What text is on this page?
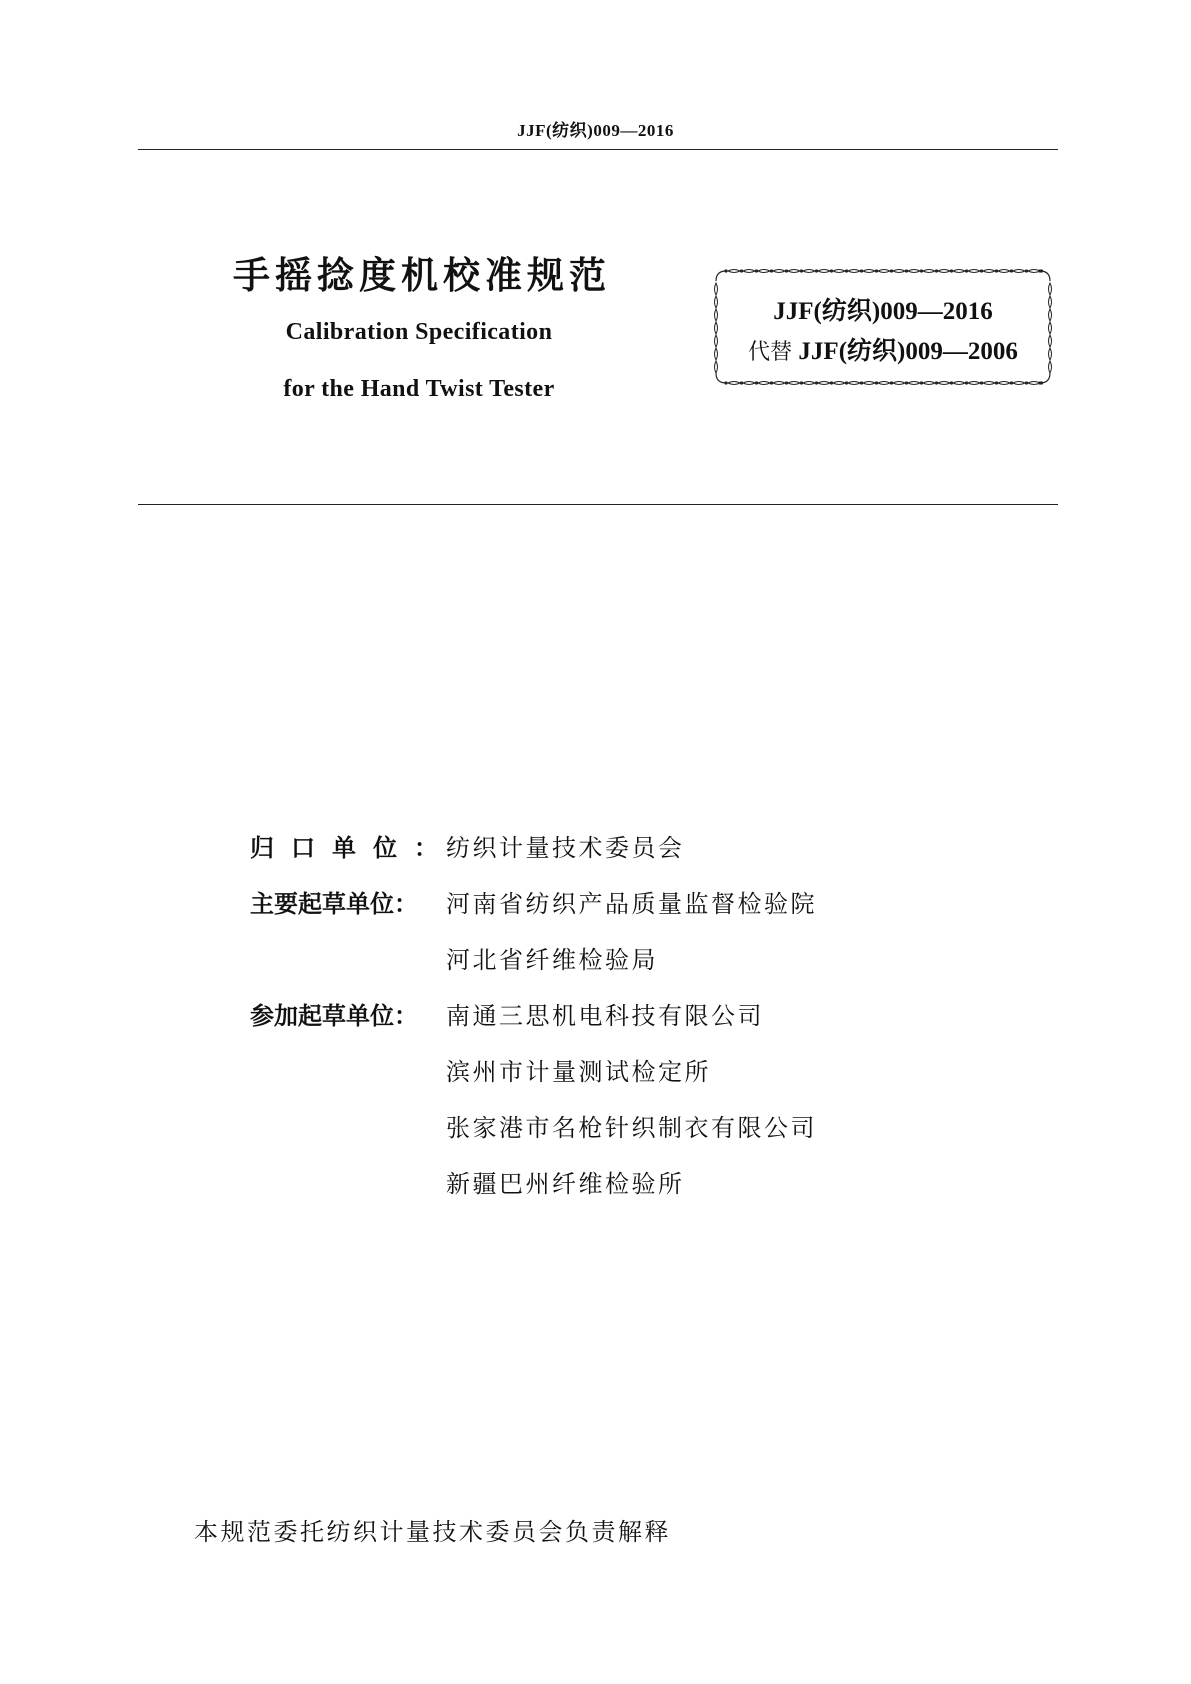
JJF(纺织)009—2016
手摇捻度机校准规范
Calibration Specification
for the Hand Twist Tester
JJF(纺织)009—2016
代替 JJF(纺织)009—2006
归口单位：
纺织计量技术委员会
主要起草单位：	河南省纺织产品质量监督检验院
河北省纤维检验局
参加起草单位：	南通三思机电科技有限公司
滨州市计量测试检定所
张家港市名枪针织制衣有限公司
新疆巴州纤维检验所
本规范委托纺织计量技术委员会负责解释
